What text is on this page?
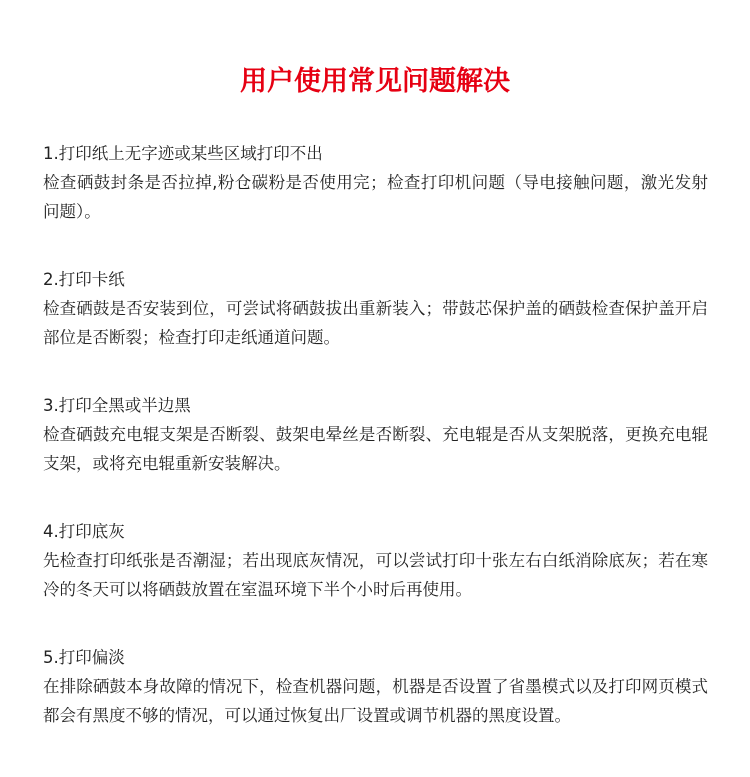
用户使用常见问题解决

1.打印纸上无字迹或某些区域打印不出

检查硒鼓封条是否拉掉,粉仓碳粉是否使用完；检查打印机问题（导电接触问题，激光发射问题）。

2.打印卡纸

检查硒鼓是否安装到位，可尝试将硒鼓拔出重新装入；带鼓芯保护盖的硒鼓检查保护盖开启部位是否断裂；检查打印走纸通道问题。

3.打印全黑或半边黑

检查硒鼓充电辊支架是否断裂、鼓架电晕丝是否断裂、充电辊是否从支架脱落，更换充电辊支架，或将充电辊重新安装解决。

4.打印底灰

先检查打印纸张是否潮湿；若出现底灰情况，可以尝试打印十张左右白纸消除底灰；若在寒冷的冬天可以将硒鼓放置在室温环境下半个小时后再使用。

5.打印偏淡

在排除硒鼓本身故障的情况下，检查机器问题，机器是否设置了省墨模式以及打印网页模式都会有黑度不够的情况，可以通过恢复出厂设置或调节机器的黑度设置。
